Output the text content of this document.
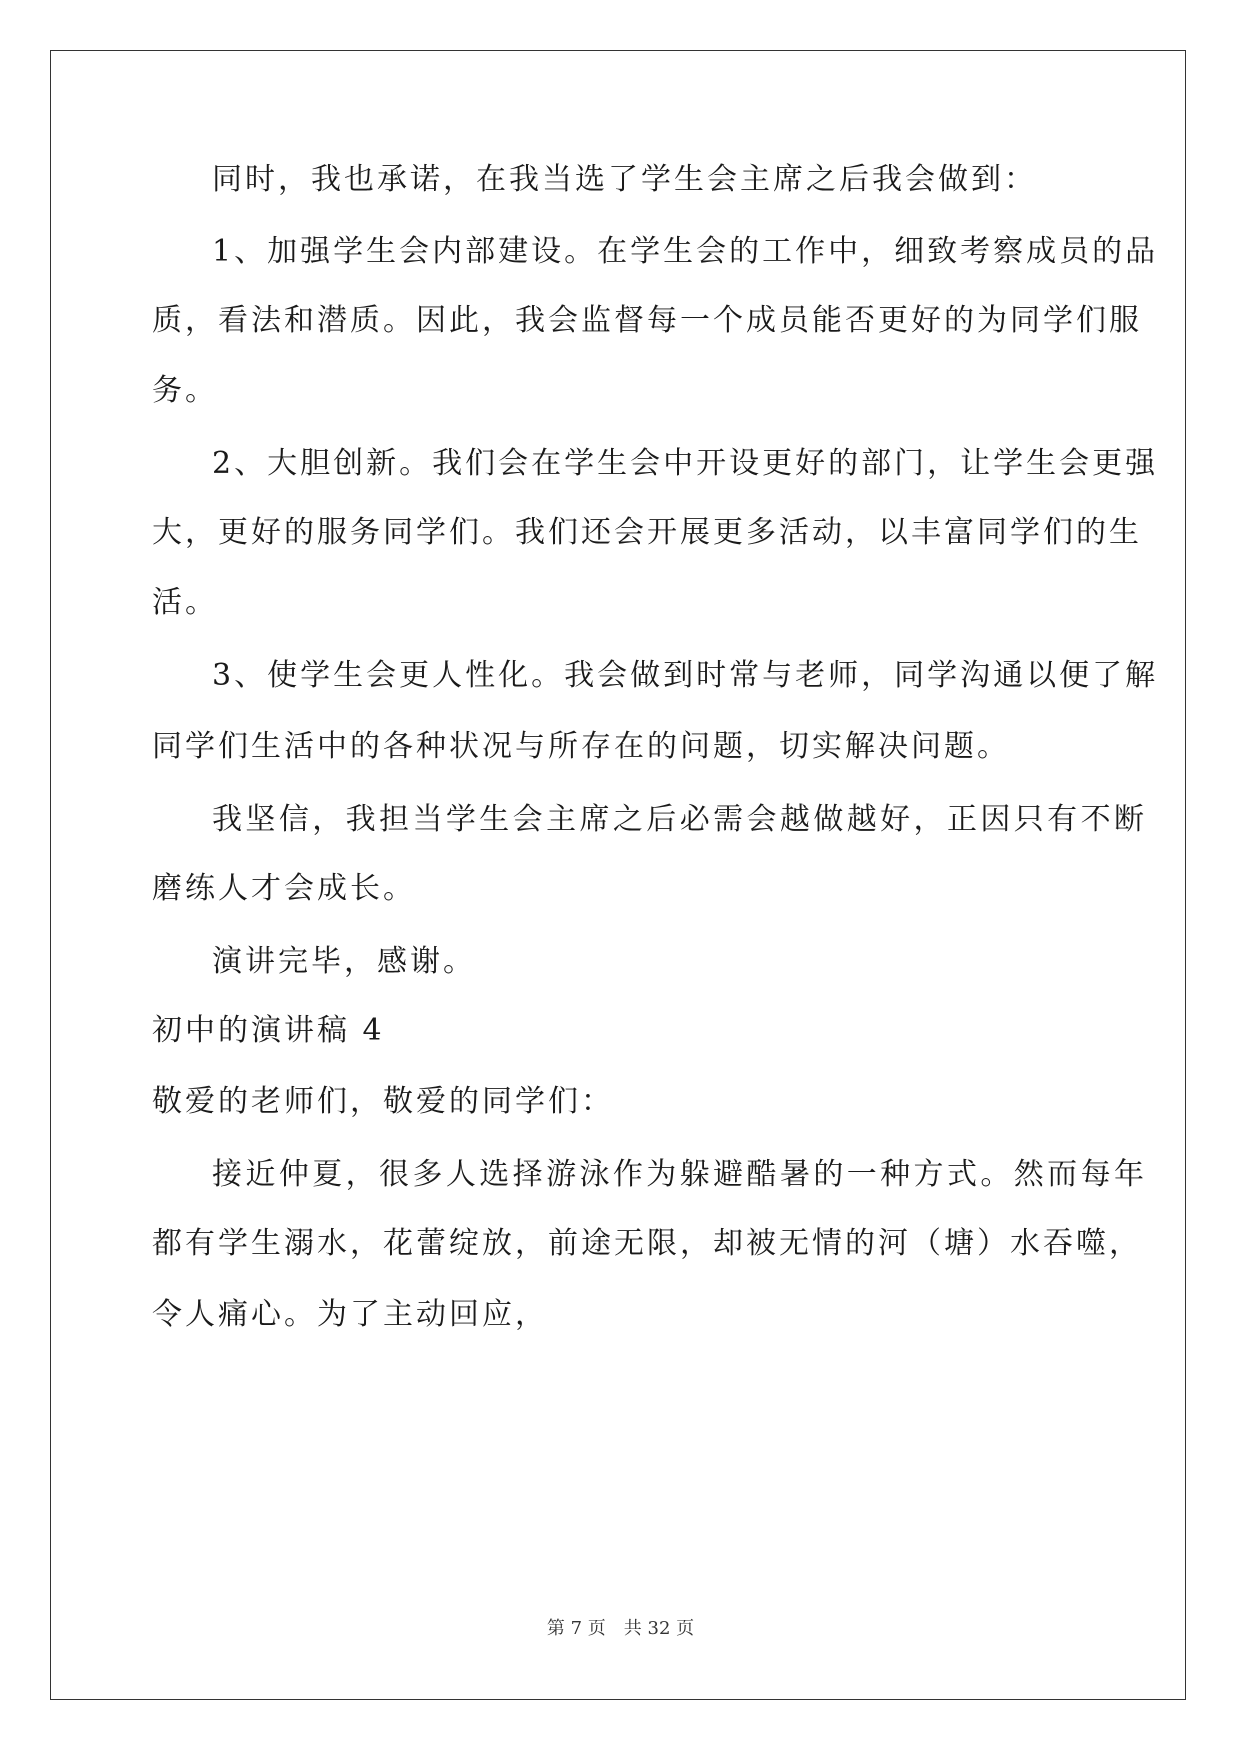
同时，我也承诺，在我当选了学生会主席之后我会做到：
1、加强学生会内部建设。在学生会的工作中，细致考察成员的品
质，看法和潜质。因此，我会监督每一个成员能否更好的为同学们服
务。
2、大胆创新。我们会在学生会中开设更好的部门，让学生会更强
大，更好的服务同学们。我们还会开展更多活动，以丰富同学们的生
活。
3、使学生会更人性化。我会做到时常与老师，同学沟通以便了解
同学们生活中的各种状况与所存在的问题，切实解决问题。
我坚信，我担当学生会主席之后必需会越做越好，正因只有不断
磨练人才会成长。
演讲完毕，感谢。
初中的演讲稿 4
敬爱的老师们，敬爱的同学们：
接近仲夏，很多人选择游泳作为躲避酷暑的一种方式。然而每年
都有学生溺水，花蕾绽放，前途无限，却被无情的河（塘）水吞噬，
令人痛心。为了主动回应，
第 7 页 共 32 页
